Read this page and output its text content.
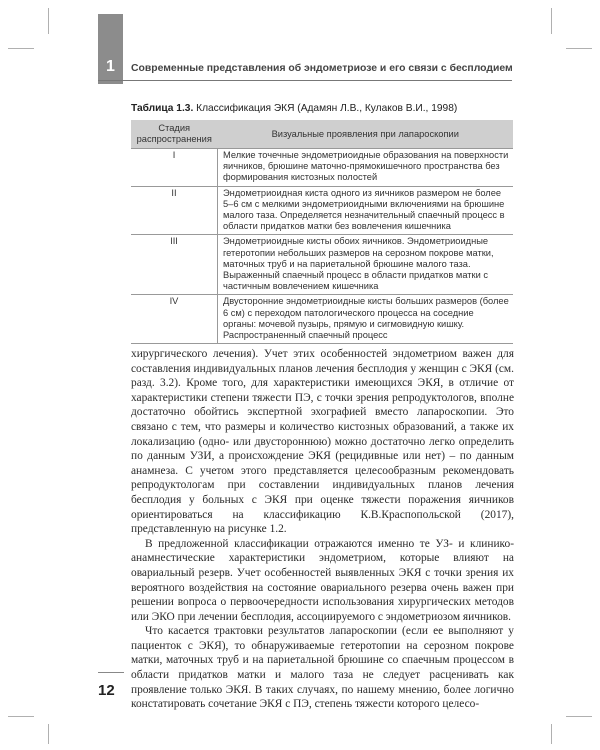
1	Современные представления об эндометриозе и его связи с бесплодием
Таблица 1.3. Классификация ЭКЯ (Адамян Л.В., Кулаков В.И., 1998)
Стадия распространения	Визуальные проявления при лапароскопии
I	Мелкие точечные эндометриоидные образования на поверхности яичников, брюшине маточно-прямокишечного пространства без формирования кистозных полостей
II	Эндометриоидная киста одного из яичников размером не более 5–6 см с мелкими эндометриоидными включениями на брюшине малого таза. Определяется незначительный спаечный процесс в области придатков матки без вовлечения кишечника
III	Эндометриоидные кисты обоих яичников. Эндометриоидные гетеротопии небольших размеров на серозном покрове матки, маточных труб и на париетальной брюшине малого таза. Выраженный спаечный процесс в области придатков матки с частичным вовлечением кишечника
IV	Двусторонние эндометриоидные кисты больших размеров (более 6 см) с переходом патологического процесса на соседние органы: мочевой пузырь, прямую и сигмовидную кишку. Распространенный спаечный процесс

хирургического лечения). Учет этих особенностей эндометриом важен для составления индивидуальных планов лечения бесплодия у женщин с ЭКЯ (см. разд. 3.2). Кроме того, для характеристики имеющихся ЭКЯ, в отличие от характеристики степени тяжести ПЭ, с точки зрения репродуктологов, вполне достаточно обойтись экспертной эхографией вместо лапароскопии. Это связано с тем, что размеры и количество кистозных образований, а также их локализацию (одно- или двустороннюю) можно достаточно легко определить по данным УЗИ, а происхождение ЭКЯ (рецидивные или нет) – по данным анамнеза. С учетом этого представляется целесообразным рекомендовать репродуктологам при составлении индивидуальных планов лечения бесплодия у больных с ЭКЯ при оценке тяжести поражения яичников ориентироваться на классификацию К.В.Краспопольской (2017), представленную на рисунке 1.2.

В предложенной классификации отражаются именно те УЗ- и клинико-анамнестические характеристики эндометриом, которые влияют на овариальный резерв. Учет особенностей выявленных ЭКЯ с точки зрения их вероятного воздействия на состояние овариального резерва очень важен при решении вопроса о первоочередности использования хирургических методов или ЭКО при лечении бесплодия, ассоциируемого с эндометриозом яичников.

Что касается трактовки результатов лапароскопии (если ее выполняют у пациенток с ЭКЯ), то обнаруживаемые гетеротопии на серозном покрове матки, маточных труб и на париетальной брюшине со спаечным процессом в области придатков матки и малого таза не следует расценивать как проявление только ЭКЯ. В таких случаях, по нашему мнению, более логично констатировать сочетание ЭКЯ с ПЭ, степень тяжести которого целесо-

12
